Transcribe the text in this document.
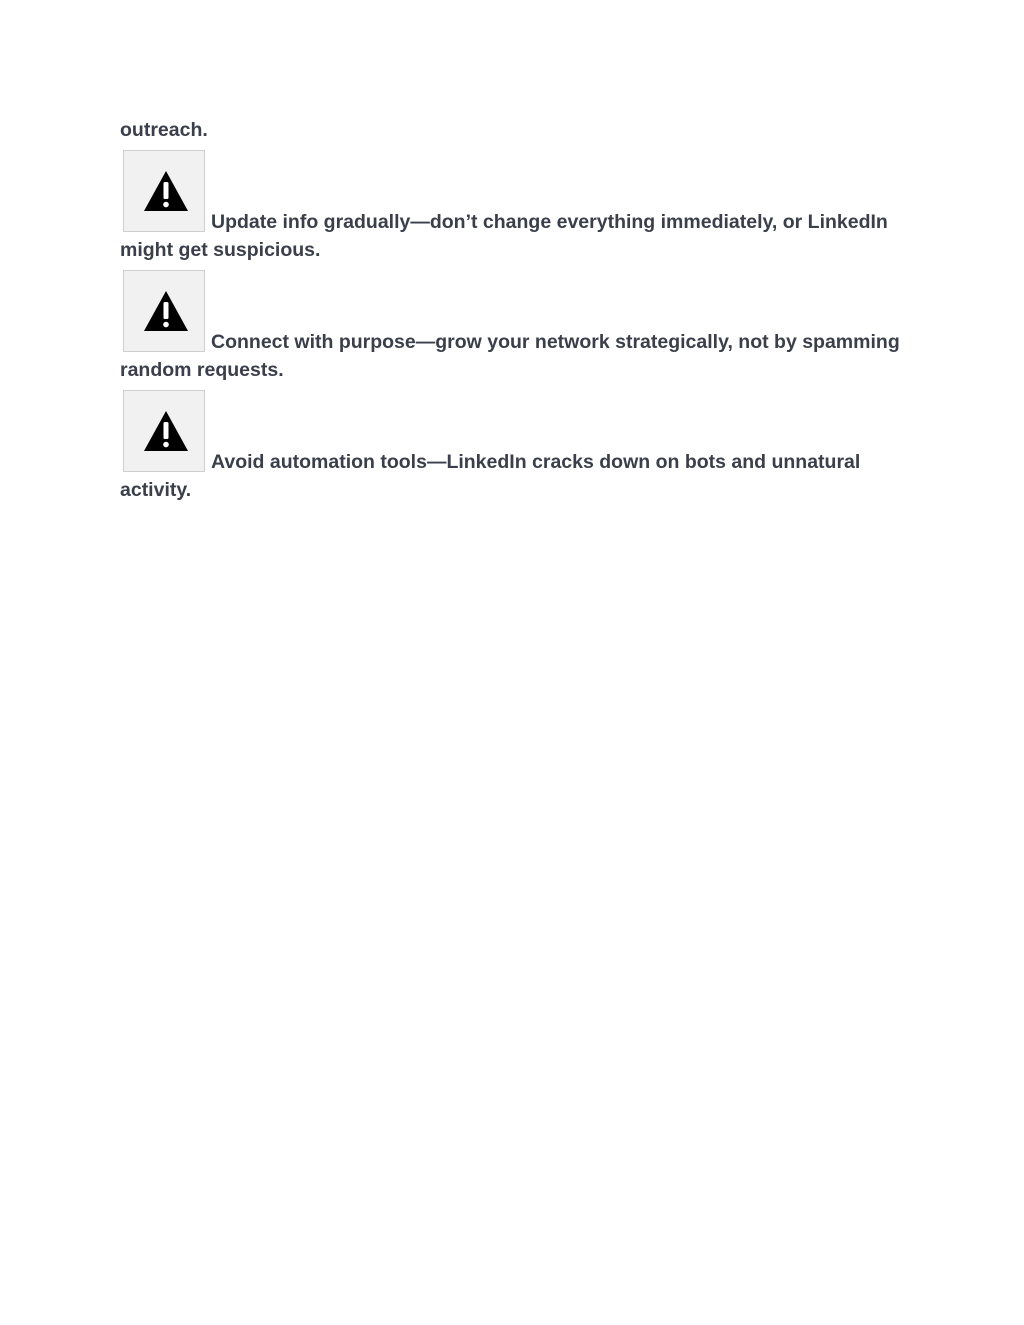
outreach.

Update info gradually—don’t change everything immediately, or LinkedIn might get suspicious.
Connect with purpose—grow your network strategically, not by spamming random requests.
Avoid automation tools—LinkedIn cracks down on bots and unnatural activity.
